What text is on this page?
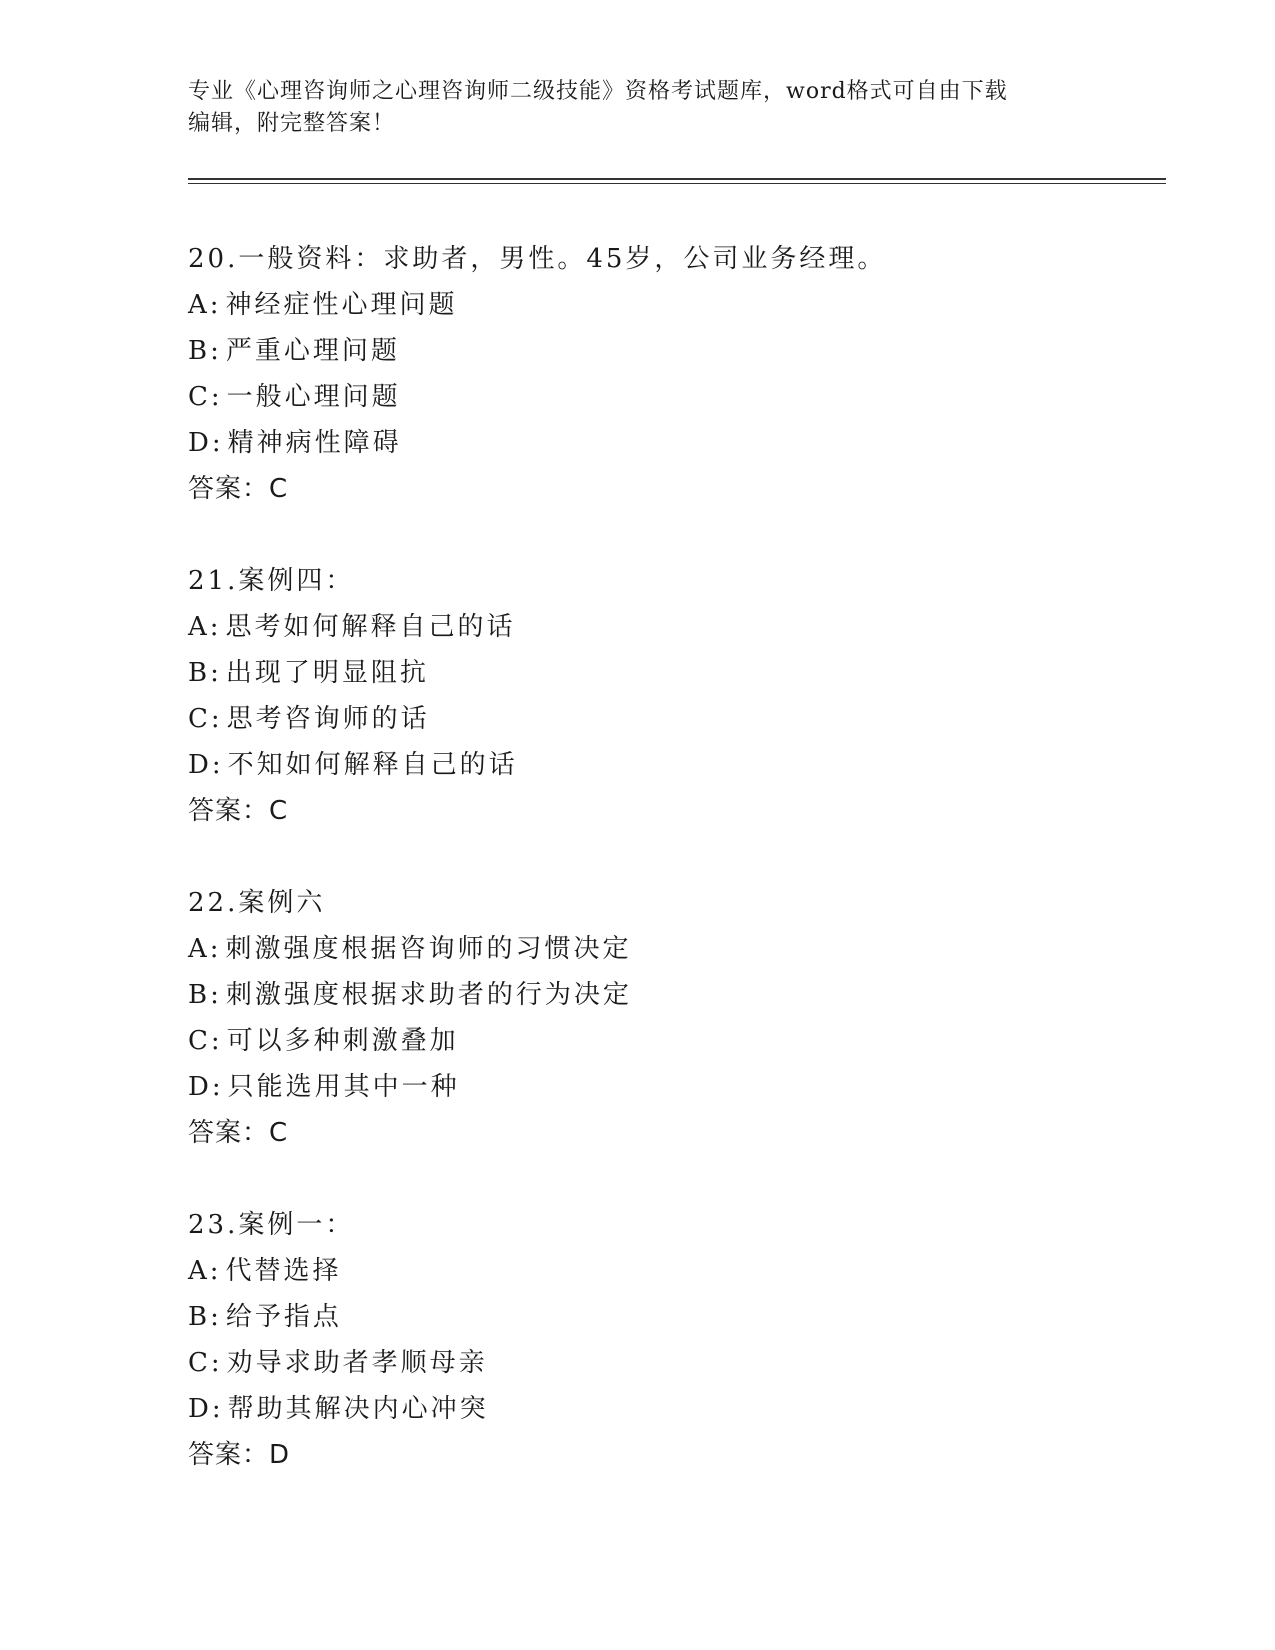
专业《心理咨询师之心理咨询师二级技能》资格考试题库，word格式可自由下载
编辑，附完整答案！
20.一般资料：求助者，男性。45岁，公司业务经理。
A: 神经症性心理问题
B: 严重心理问题
C: 一般心理问题
D: 精神病性障碍
答案：C
21.案例四：
A: 思考如何解释自己的话
B: 出现了明显阻抗
C: 思考咨询师的话
D: 不知如何解释自己的话
答案：C
22.案例六
A: 刺激强度根据咨询师的习惯决定
B: 刺激强度根据求助者的行为决定
C: 可以多种刺激叠加
D: 只能选用其中一种
答案：C
23.案例一：
A: 代替选择
B: 给予指点
C: 劝导求助者孝顺母亲
D: 帮助其解决内心冲突
答案：D
